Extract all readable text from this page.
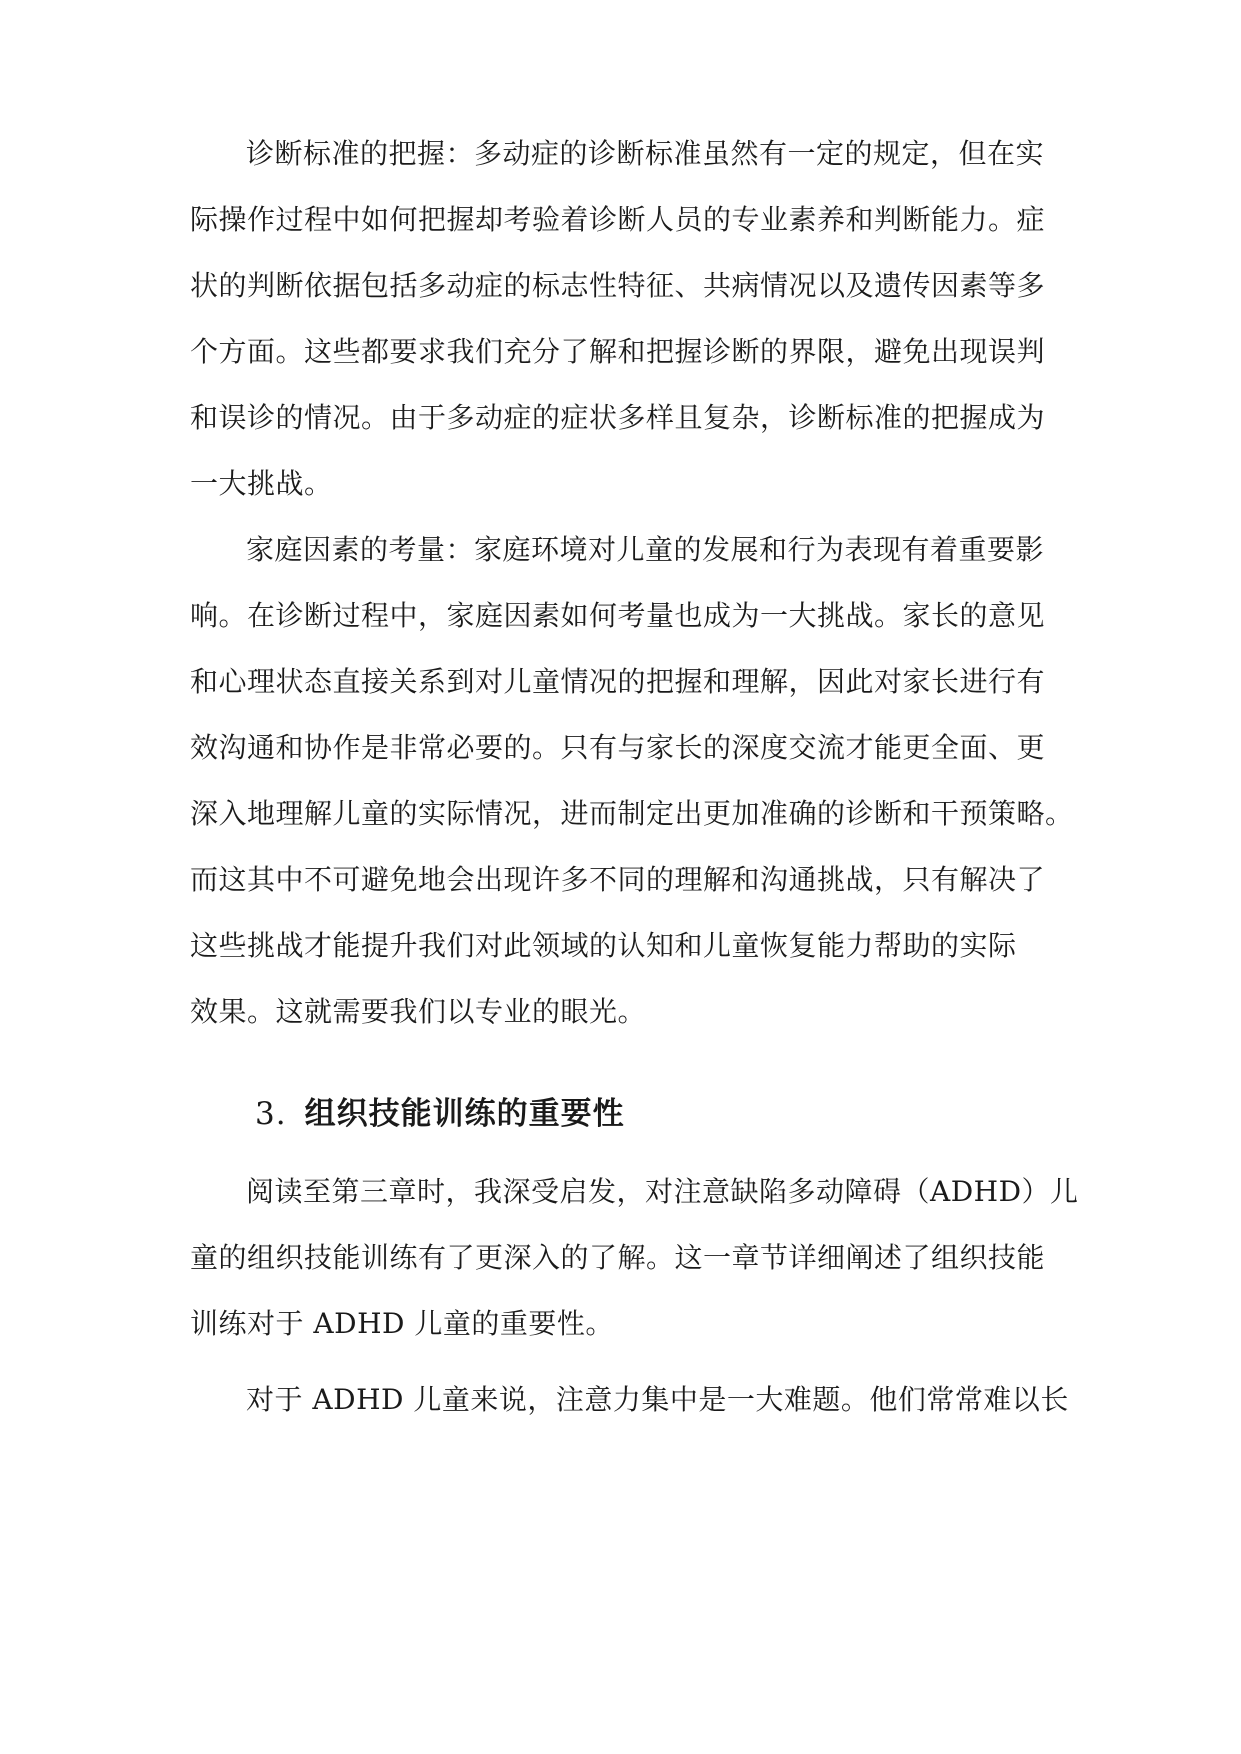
诊断标准的把握：多动症的诊断标准虽然有一定的规定，但在实
际操作过程中如何把握却考验着诊断人员的专业素养和判断能力。症
状的判断依据包括多动症的标志性特征、共病情况以及遗传因素等多
个方面。这些都要求我们充分了解和把握诊断的界限，避免出现误判
和误诊的情况。由于多动症的症状多样且复杂，诊断标准的把握成为
一大挑战。
家庭因素的考量：家庭环境对儿童的发展和行为表现有着重要影
响。在诊断过程中，家庭因素如何考量也成为一大挑战。家长的意见
和心理状态直接关系到对儿童情况的把握和理解，因此对家长进行有
效沟通和协作是非常必要的。只有与家长的深度交流才能更全面、更
深入地理解儿童的实际情况，进而制定出更加准确的诊断和干预策略。
而这其中不可避免地会出现许多不同的理解和沟通挑战，只有解决了
这些挑战才能提升我们对此领域的认知和儿童恢复能力帮助的实际
效果。这就需要我们以专业的眼光。
3. 组织技能训练的重要性
阅读至第三章时，我深受启发，对注意缺陷多动障碍（ADHD）儿
童的组织技能训练有了更深入的了解。这一章节详细阐述了组织技能
训练对于 ADHD 儿童的重要性。
对于 ADHD 儿童来说，注意力集中是一大难题。他们常常难以长
